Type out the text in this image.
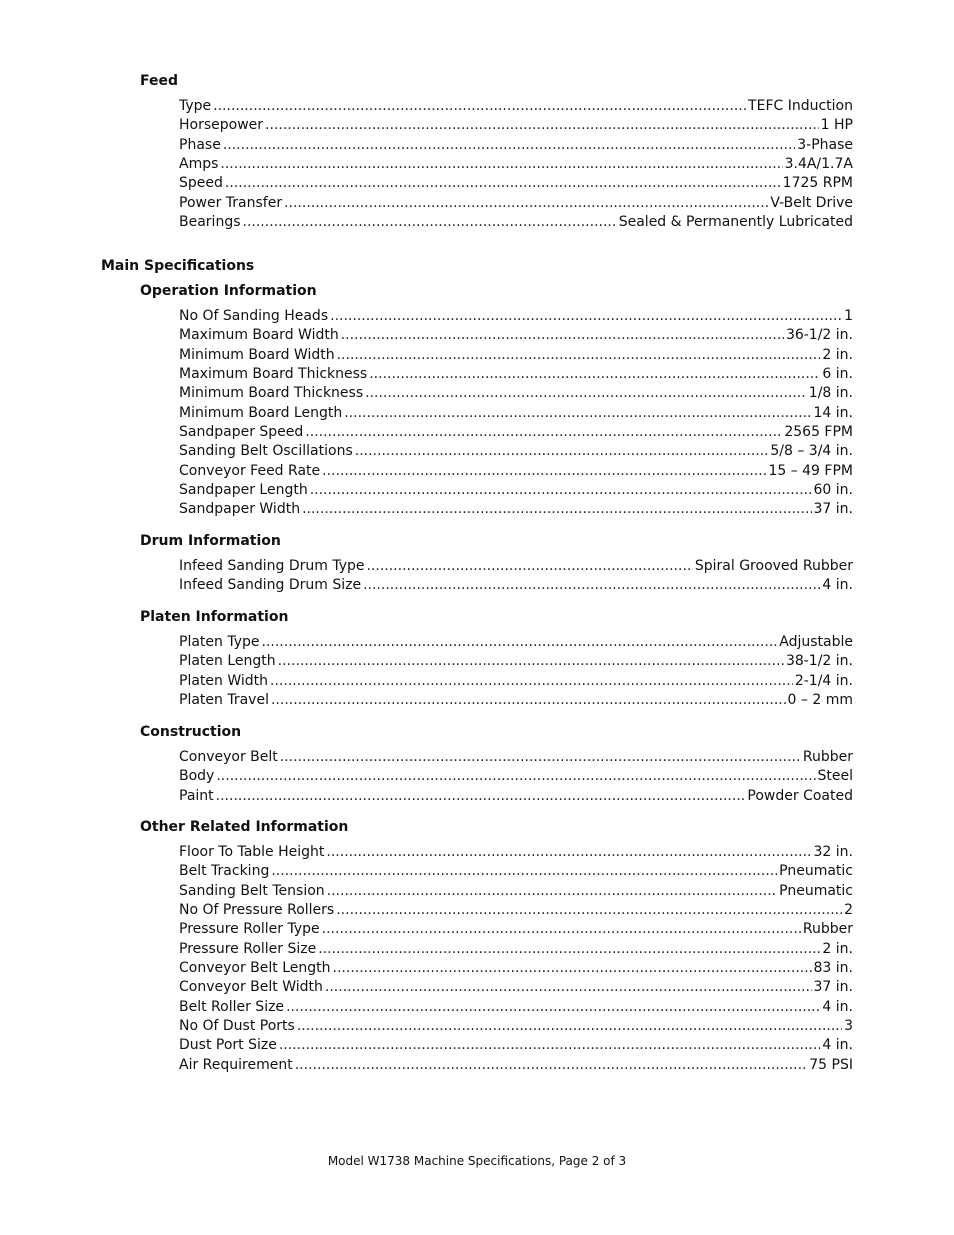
Feed
Type .....	TEFC Induction
Horsepower .....	1 HP
Phase .....	3-Phase
Amps .....	3.4A/1.7A
Speed .....	1725 RPM
Power Transfer .....	V-Belt Drive
Bearings .....	Sealed & Permanently Lubricated
Main Specifications
Operation Information
No Of Sanding Heads .....	1
Maximum Board Width .....	36-1/2 in.
Minimum Board Width .....	2 in.
Maximum Board Thickness .....	6 in.
Minimum Board Thickness .....	1/8 in.
Minimum Board Length .....	14 in.
Sandpaper Speed .....	2565 FPM
Sanding Belt Oscillations .....	5/8 – 3/4 in.
Conveyor Feed Rate .....	15 – 49 FPM
Sandpaper Length .....	60 in.
Sandpaper Width .....	37 in.
Drum Information
Infeed Sanding Drum Type .....	Spiral Grooved Rubber
Infeed Sanding Drum Size .....	4 in.
Platen Information
Platen Type .....	Adjustable
Platen Length .....	38-1/2 in.
Platen Width .....	2-1/4 in.
Platen Travel .....	0 – 2 mm
Construction
Conveyor Belt .....	Rubber
Body .....	Steel
Paint .....	Powder Coated
Other Related Information
Floor To Table Height .....	32 in.
Belt Tracking .....	Pneumatic
Sanding Belt Tension .....	Pneumatic
No Of Pressure Rollers .....	2
Pressure Roller Type .....	Rubber
Pressure Roller Size .....	2 in.
Conveyor Belt Length .....	83 in.
Conveyor Belt Width .....	37 in.
Belt Roller Size .....	4 in.
No Of Dust Ports .....	3
Dust Port Size .....	4 in.
Air Requirement .....	75 PSI
Model W1738 Machine Specifications, Page 2 of 3
